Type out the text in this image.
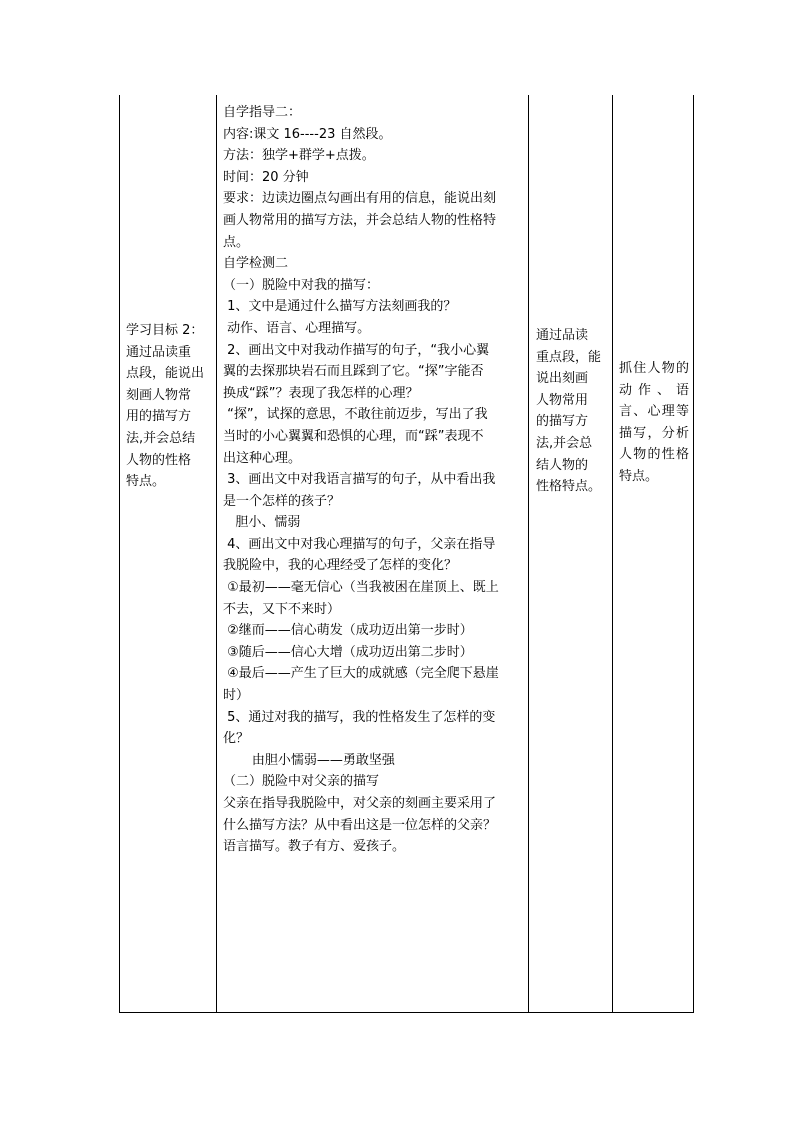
学习目标 2：
通过品读重
点段，能说出
刻画人物常
用的描写方
法,并会总结
人物的性格
特点。
自学指导二：
内容:课文 16----23 自然段。
方法：独学+群学+点拨。
时间：20 分钟
要求：边读边圈点勾画出有用的信息，能说出刻
画人物常用的描写方法，并会总结人物的性格特
点。
自学检测二
（一）脱险中对我的描写：
1、文中是通过什么描写方法刻画我的？
动作、语言、心理描写。
2、画出文中对我动作描写的句子，“我小心翼
翼的去探那块岩石而且踩到了它。“探”字能否
换成“踩”？表现了我怎样的心理？
“探”，试探的意思，不敢往前迈步，写出了我
当时的小心翼翼和恐惧的心理，而“踩”表现不
出这种心理。
3、画出文中对我语言描写的句子，从中看出我
是一个怎样的孩子？
胆小、懦弱
4、画出文中对我心理描写的句子，父亲在指导
我脱险中，我的心理经受了怎样的变化？
①最初——毫无信心（当我被困在崖顶上、既上
不去，又下不来时）
②继而——信心萌发（成功迈出第一步时）
③随后——信心大增（成功迈出第二步时）
④最后——产生了巨大的成就感（完全爬下悬崖
时）
5、通过对我的描写，我的性格发生了怎样的变
化？
由胆小懦弱——勇敢坚强
（二）脱险中对父亲的描写
父亲在指导我脱险中，对父亲的刻画主要采用了
什么描写方法？从中看出这是一位怎样的父亲？
语言描写。教子有方、爱孩子。
通过品读
重点段，能
说出刻画
人物常用
的描写方
法,并会总
结人物的
性格特点。
抓住人物的动作、语言、心理等描写，分析人物的性格特点。
